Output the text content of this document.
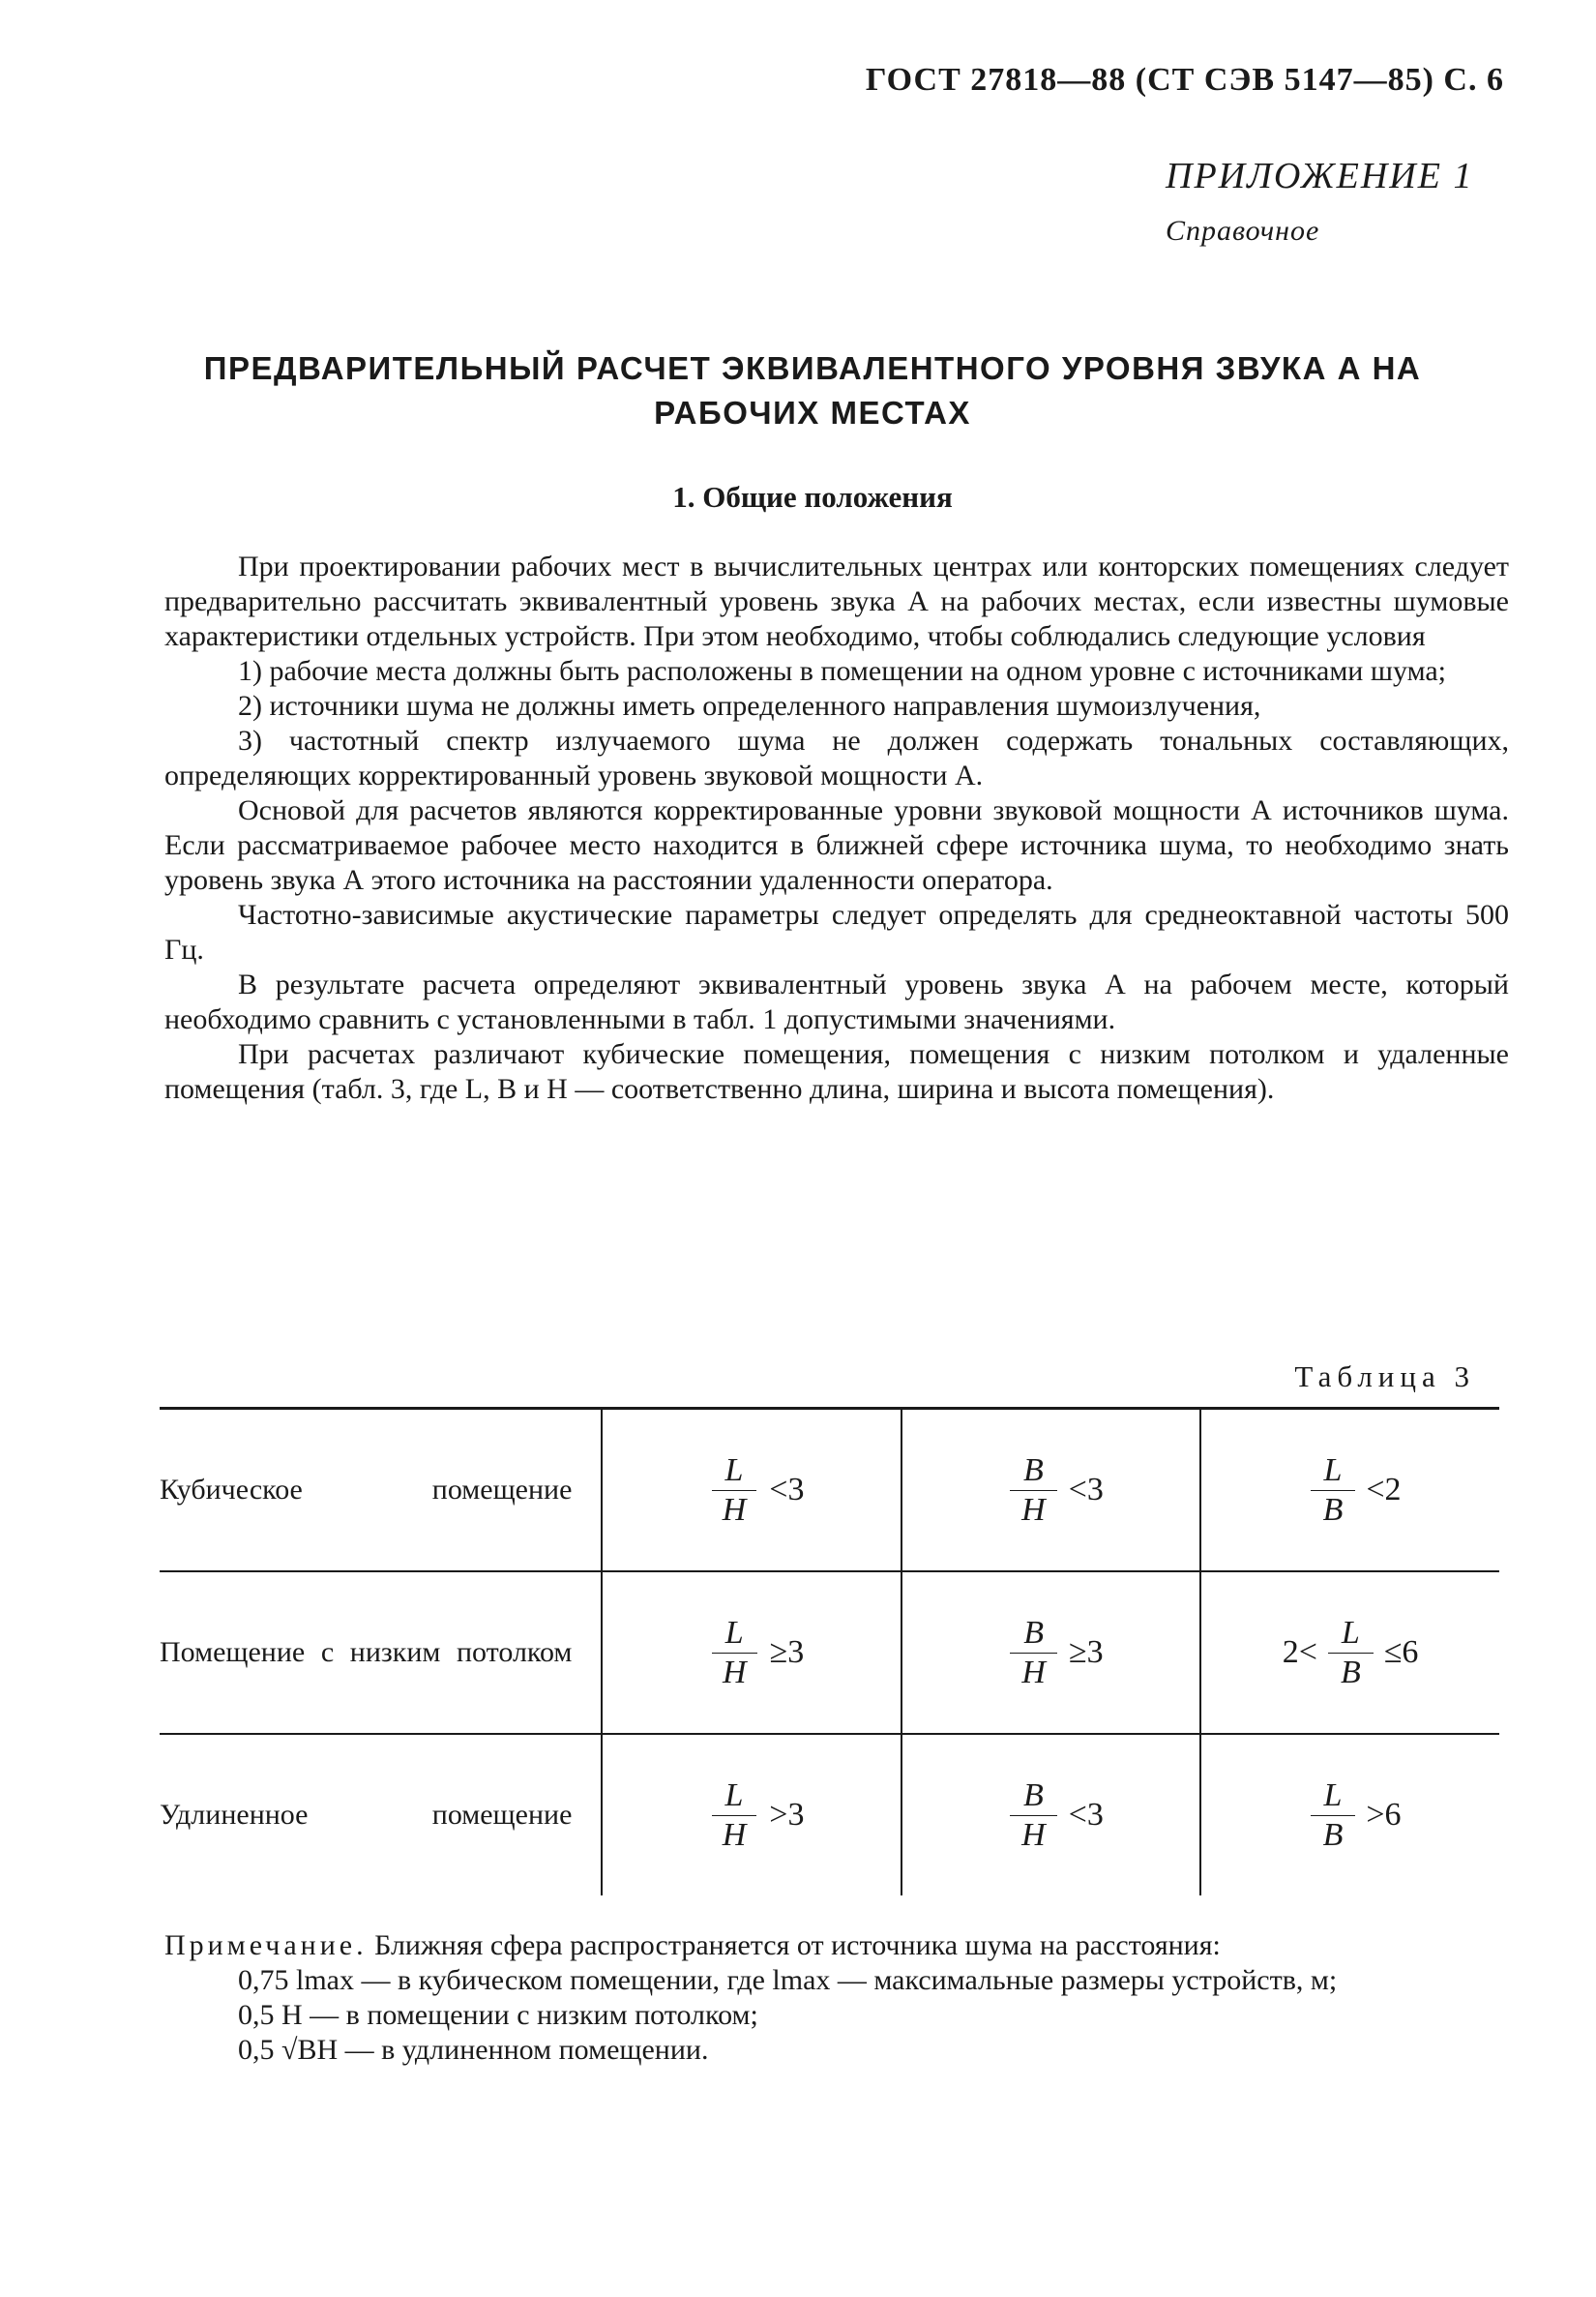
ГОСТ 27818—88 (СТ СЭВ 5147—85) С. 6
ПРИЛОЖЕНИЕ 1
Справочное
ПРЕДВАРИТЕЛЬНЫЙ РАСЧЕТ ЭКВИВАЛЕНТНОГО УРОВНЯ ЗВУКА А НА РАБОЧИХ МЕСТАХ
1. Общие положения

При проектировании рабочих мест в вычислительных центрах или конторских помещениях следует предварительно рассчитать эквивалентный уровень звука А на рабочих местах, если известны шумовые характеристики отдельных устройств. При этом необходимо, чтобы соблюдались следующие условия

1) рабочие места должны быть расположены в помещении на одном уровне с источниками шума;

2) источники шума не должны иметь определенного направления шумоизлучения,

3) частотный спектр излучаемого шума не должен содержать тональных составляющих, определяющих корректированный уровень звуковой мощности А.

Основой для расчетов являются корректированные уровни звуковой мощности А источников шума. Если рассматриваемое рабочее место находится в ближней сфере источника шума, то необходимо знать уровень звука А этого источника на расстоянии удаленности оператора.

Частотно-зависимые акустические параметры следует определять для среднеоктавной частоты 500 Гц.

В результате расчета определяют эквивалентный уровень звука А на рабочем месте, который необходимо сравнить с установленными в табл. 1 допустимыми значениями.

При расчетах различают кубические помещения, помещения с низким потолком и удаленные помещения (табл. 3, где L, B и H — соответственно длина, ширина и высота помещения).

Таблица 3
Кубическое помещение	$\frac{L}{H} <3$	$\frac{B}{H} <3$	$\frac{L}{B} <2$

Помещение с низким потолком	$\frac{L}{H} \ge 3$	$\frac{B}{H} \ge 3$	$2< \frac{L}{B} \le 6$

Удлиненное помещение	$\frac{L}{H} >3$	$\frac{B}{H} <3$	$\frac{L}{B} >6$

Примечание. Ближняя сфера распространяется от источника шума на расстояния:

0,75 lmax — в кубическом помещении, где lmax — максимальные размеры устройств, м;

0,5 H — в помещении с низким потолком;

0,5 √BH — в удлиненном помещении.
